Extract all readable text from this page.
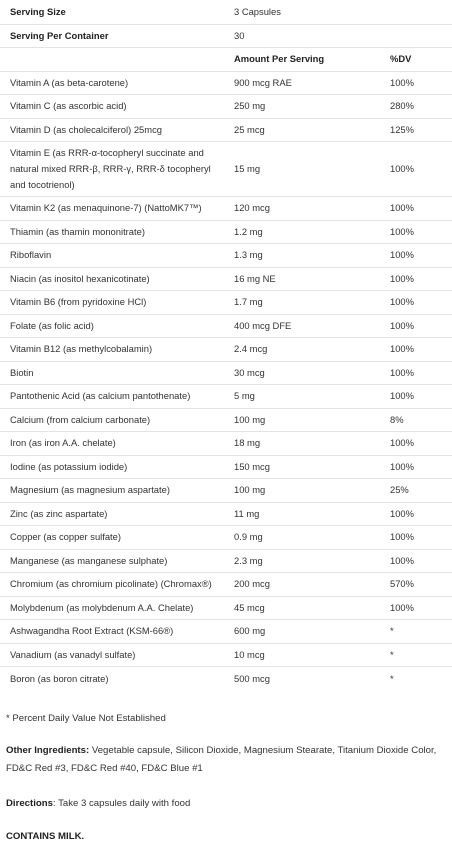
Serving Size	3 Capsules	
Serving Per Container	30	
	Amount Per Serving	%DV
Vitamin A (as beta-carotene)	900 mcg RAE	100%
Vitamin C (as ascorbic acid)	250 mg	280%
Vitamin D (as cholecalciferol) 25mcg	25 mcg	125%
Vitamin E (as RRR-α-tocopheryl succinate and natural mixed RRR-β, RRR-γ, RRR-δ tocopheryl and tocotrienol)	15 mg	100%
Vitamin K2 (as menaquinone-7) (NattoMK7™)	120 mcg	100%
Thiamin (as thamin mononitrate)	1.2 mg	100%
Riboflavin	1.3 mg	100%
Niacin (as inositol hexanicotinate)	16 mg NE	100%
Vitamin B6 (from pyridoxine HCl)	1.7 mg	100%
Folate (as folic acid)	400 mcg DFE	100%
Vitamin B12 (as methylcobalamin)	2.4 mcg	100%
Biotin	30 mcg	100%
Pantothenic Acid (as calcium pantothenate)	5 mg	100%
Calcium (from calcium carbonate)	100 mg	8%
Iron (as iron A.A. chelate)	18 mg	100%
Iodine (as potassium iodide)	150 mcg	100%
Magnesium (as magnesium aspartate)	100 mg	25%
Zinc (as zinc aspartate)	11 mg	100%
Copper (as copper sulfate)	0.9 mg	100%
Manganese (as manganese sulphate)	2.3 mg	100%
Chromium (as chromium picolinate) (Chromax®)	200 mcg	570%
Molybdenum (as molybdenum A.A. Chelate)	45 mcg	100%
Ashwagandha Root Extract (KSM-66®)	600 mg	*
Vanadium (as vanadyl sulfate)	10 mcg	*
Boron (as boron citrate)	500 mcg	*
* Percent Daily Value Not Established
Other Ingredients: Vegetable capsule, Silicon Dioxide, Magnesium Stearate, Titanium Dioxide Color, FD&C Red #3, FD&C Red #40, FD&C Blue #1
Directions: Take 3 capsules daily with food
CONTAINS MILK.
